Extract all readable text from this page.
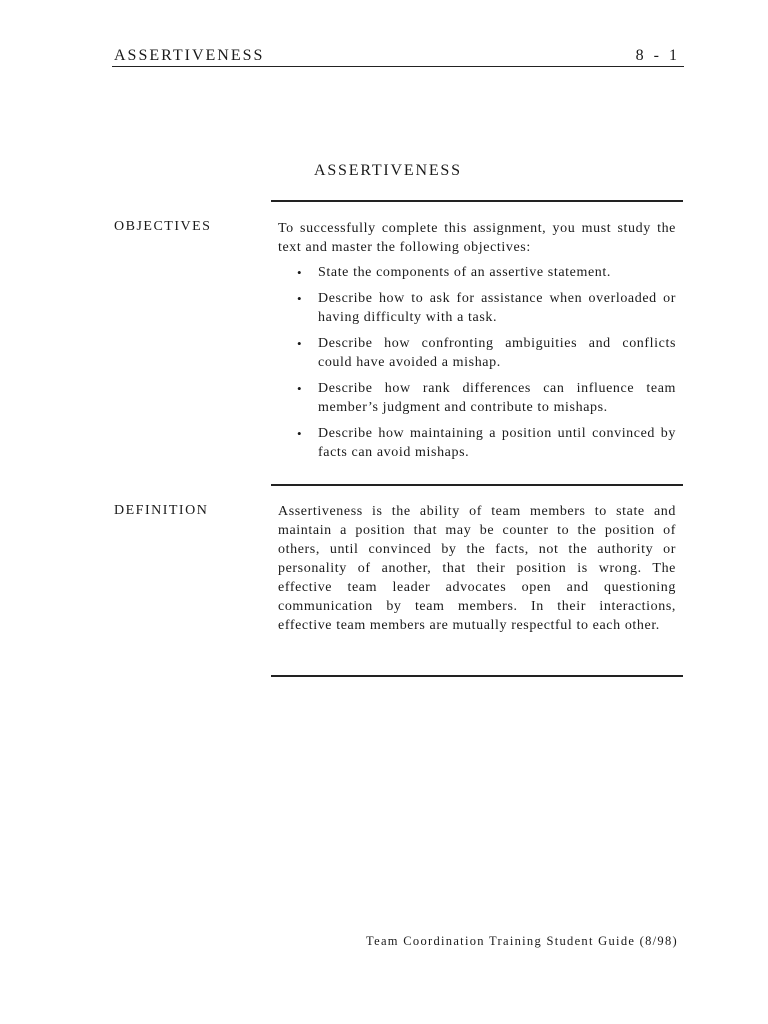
ASSERTIVENESS	8 - 1
ASSERTIVENESS
OBJECTIVES	To successfully complete this assignment, you must study the text and master the following objectives:
• State the components of an assertive statement.
• Describe how to ask for assistance when overloaded or having difficulty with a task.
• Describe how confronting ambiguities and conflicts could have avoided a mishap.
• Describe how rank differences can influence team member’s judgment and contribute to mishaps.
• Describe how maintaining a position until convinced by facts can avoid mishaps.
DEFINITION	Assertiveness is the ability of team members to state and maintain a position that may be counter to the position of others, until convinced by the facts, not the authority or personality of another, that their position is wrong. The effective team leader advocates open and questioning communication by team members. In their interactions, effective team members are mutually respectful to each other.
Team Coordination Training Student Guide (8/98)
